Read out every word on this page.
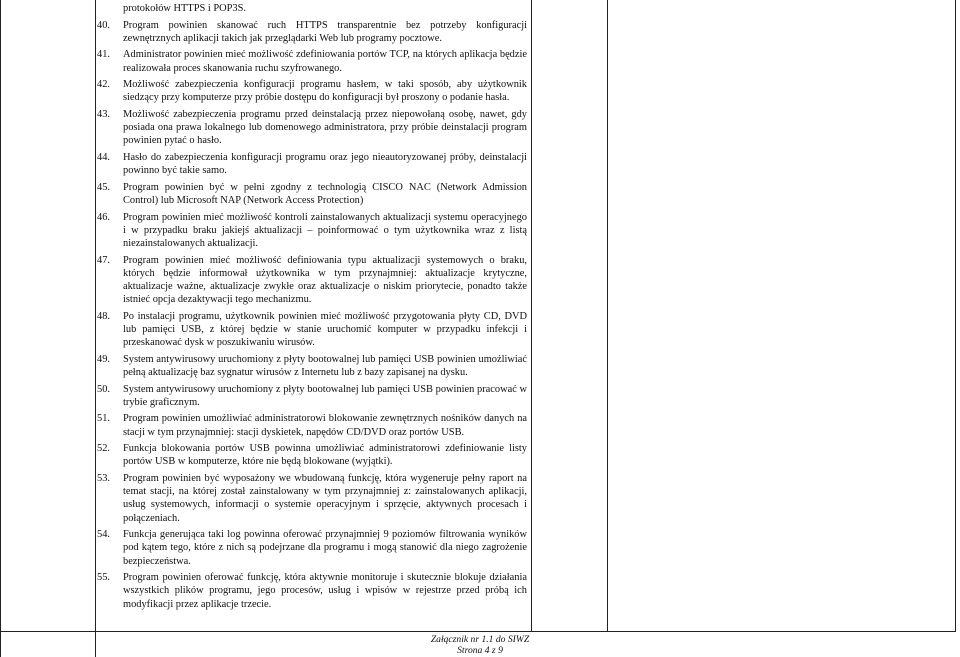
protokołów HTTPS i POP3S.
40.	Program powinien skanować ruch HTTPS transparentnie bez potrzeby konfiguracji zewnętrznych aplikacji takich jak przeglądarki Web lub programy pocztowe.
41.	Administrator powinien mieć możliwość zdefiniowania portów TCP, na których aplikacja będzie realizowała proces skanowania ruchu szyfrowanego.
42.	Możliwość zabezpieczenia konfiguracji programu hasłem, w taki sposób, aby użytkownik siedzący przy komputerze przy próbie dostępu do konfiguracji był proszony o podanie hasła.
43.	Możliwość zabezpieczenia programu przed deinstalacją przez niepowołaną osobę, nawet, gdy posiada ona prawa lokalnego lub domenowego administratora, przy próbie deinstalacji program powinien pytać o hasło.
44.	Hasło do zabezpieczenia konfiguracji programu oraz jego nieautoryzowanej próby, deinstalacji powinno być takie samo.
45.	Program powinien być w pełni zgodny z technologią CISCO NAC (Network Admission Control) lub Microsoft NAP (Network Access Protection)
46.	Program powinien mieć możliwość kontroli zainstalowanych aktualizacji systemu operacyjnego i w przypadku braku jakiejś aktualizacji – poinformować o tym użytkownika wraz z listą niezainstalowanych aktualizacji.
47.	Program powinien mieć możliwość definiowania typu aktualizacji systemowych o braku, których będzie informował użytkownika w tym przynajmniej: aktualizacje krytyczne, aktualizacje ważne, aktualizacje zwykłe oraz aktualizacje o niskim priorytecie, ponadto także istnieć opcja dezaktywacji tego mechanizmu.
48.	Po instalacji programu, użytkownik powinien mieć możliwość przygotowania płyty CD, DVD lub pamięci USB, z której będzie w stanie uruchomić komputer w przypadku infekcji i przeskanować dysk w poszukiwaniu wirusów.
49.	System antywirusowy uruchomiony z płyty bootowalnej lub pamięci USB powinien umożliwiać pełną aktualizację baz sygnatur wirusów z Internetu lub z bazy zapisanej na dysku.
50.	System antywirusowy uruchomiony z płyty bootowalnej lub pamięci USB powinien pracować w trybie graficznym.
51.	Program powinien umożliwiać administratorowi blokowanie zewnętrznych nośników danych na stacji w tym przynajmniej: stacji dyskietek, napędów CD/DVD oraz portów USB.
52.	Funkcja blokowania portów USB powinna umożliwiać administratorowi zdefiniowanie listy portów USB w komputerze, które nie będą blokowane (wyjątki).
53.	Program powinien być wyposażony we wbudowaną funkcję, która wygeneruje pełny raport na temat stacji, na której został zainstalowany w tym przynajmniej z: zainstalowanych aplikacji, usług systemowych, informacji o systemie operacyjnym i sprzęcie, aktywnych procesach i połączeniach.
54.	Funkcja generująca taki log powinna oferować przynajmniej 9 poziomów filtrowania wyników pod kątem tego, które z nich są podejrzane dla programu i mogą stanowić dla niego zagrożenie bezpieczeństwa.
55.	Program powinien oferować funkcję, która aktywnie monitoruje i skutecznie blokuje działania wszystkich plików programu, jego procesów, usług i wpisów w rejestrze przed próbą ich modyfikacji przez aplikacje trzecie.
Załącznik nr 1.1 do SIWZ
Strona 4 z 9
